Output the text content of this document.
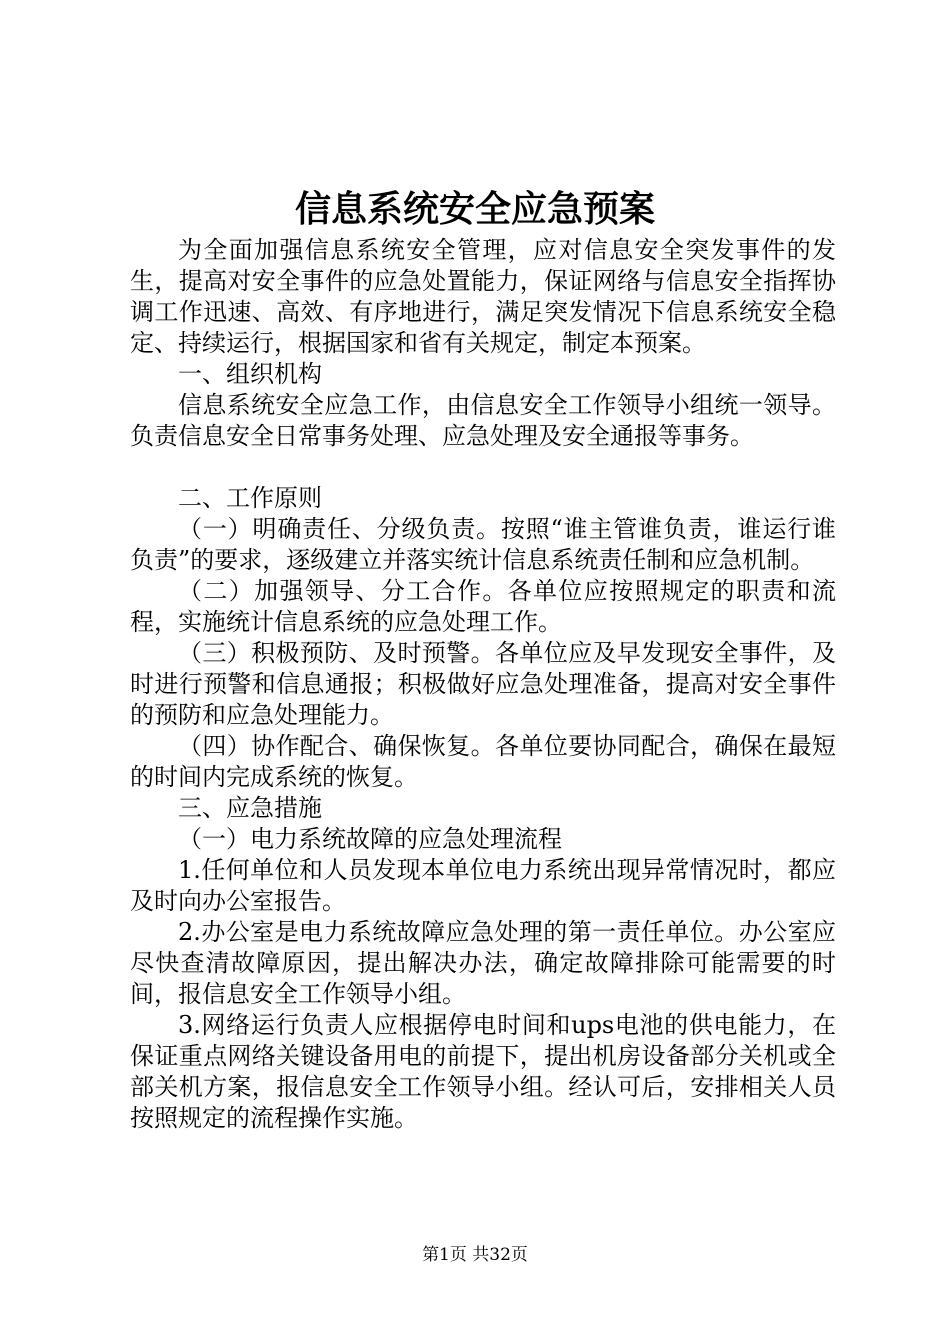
信息系统安全应急预案

为全面加强信息系统安全管理，应对信息安全突发事件的发生，提高对安全事件的应急处置能力，保证网络与信息安全指挥协调工作迅速、高效、有序地进行，满足突发情况下信息系统安全稳定、持续运行，根据国家和省有关规定，制定本预案。

一、组织机构

信息系统安全应急工作，由信息安全工作领导小组统一领导。负责信息安全日常事务处理、应急处理及安全通报等事务。

二、工作原则

（一）明确责任、分级负责。按照“谁主管谁负责，谁运行谁负责”的要求，逐级建立并落实统计信息系统责任制和应急机制。

（二）加强领导、分工合作。各单位应按照规定的职责和流程，实施统计信息系统的应急处理工作。

（三）积极预防、及时预警。各单位应及早发现安全事件，及时进行预警和信息通报；积极做好应急处理准备，提高对安全事件的预防和应急处理能力。

（四）协作配合、确保恢复。各单位要协同配合，确保在最短的时间内完成系统的恢复。

三、应急措施

（一）电力系统故障的应急处理流程

1.任何单位和人员发现本单位电力系统出现异常情况时，都应及时向办公室报告。

2.办公室是电力系统故障应急处理的第一责任单位。办公室应尽快查清故障原因，提出解决办法，确定故障排除可能需要的时间，报信息安全工作领导小组。

3.网络运行负责人应根据停电时间和ups电池的供电能力，在保证重点网络关键设备用电的前提下，提出机房设备部分关机或全部关机方案，报信息安全工作领导小组。经认可后，安排相关人员按照规定的流程操作实施。

第1页 共32页
